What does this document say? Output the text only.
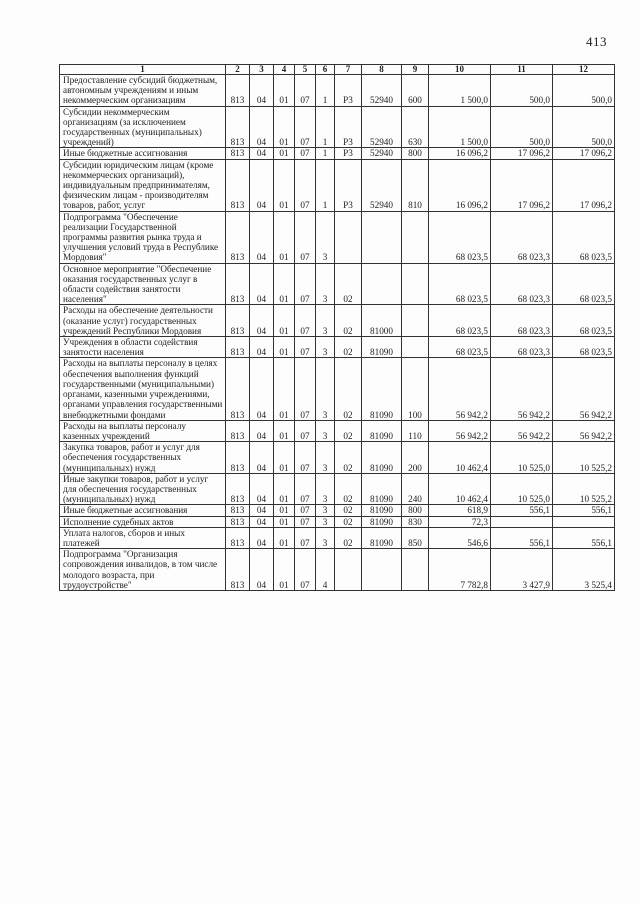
413
1	2	3	4	5	6	7	8	9	10	11	12
Предоставление субсидий бюджетным, автономным учреждениям и иным некоммерческим организациям	813	04	01	07	1	P3	52940	600	1 500,0	500,0	500,0
Субсидии некоммерческим организациям (за исключением государственных (муниципальных) учреждений)	813	04	01	07	1	P3	52940	630	1 500,0	500,0	500,0
Иные бюджетные ассигнования	813	04	01	07	1	P3	52940	800	16 096,2	17 096,2	17 096,2
Субсидии юридическим лицам (кроме некоммерческих организаций), индивидуальным предпринимателям, физическим лицам - производителям товаров, работ, услуг	813	04	01	07	1	P3	52940	810	16 096,2	17 096,2	17 096,2
Подпрограмма "Обеспечение реализации Государственной программы развития рынка труда и улучшения условий труда в Республике Мордовия"	813	04	01	07	3				68 023,5	68 023,3	68 023,5
Основное мероприятие "Обеспечение оказания государственных услуг в области содействия занятости населения"	813	04	01	07	3	02			68 023,5	68 023,3	68 023,5
Расходы на обеспечение деятельности (оказание услуг) государственных учреждений Республики Мордовия	813	04	01	07	3	02	81000		68 023,5	68 023,3	68 023,5
Учреждения в области содействия занятости населения	813	04	01	07	3	02	81090		68 023,5	68 023,3	68 023,5
Расходы на выплаты персоналу в целях обеспечения выполнения функций государственными (муниципальными) органами, казенными учреждениями, органами управления государственными внебюджетными фондами	813	04	01	07	3	02	81090	100	56 942,2	56 942,2	56 942,2
Расходы на выплаты персоналу казенных учреждений	813	04	01	07	3	02	81090	110	56 942,2	56 942,2	56 942,2
Закупка товаров, работ и услуг для обеспечения государственных (муниципальных) нужд	813	04	01	07	3	02	81090	200	10 462,4	10 525,0	10 525,2
Иные закупки товаров, работ и услуг для обеспечения государственных (муниципальных) нужд	813	04	01	07	3	02	81090	240	10 462,4	10 525,0	10 525,2
Иные бюджетные ассигнования	813	04	01	07	3	02	81090	800	618,9	556,1	556,1
Исполнение судебных актов	813	04	01	07	3	02	81090	830	72,3		
Уплата налогов, сборов и иных платежей	813	04	01	07	3	02	81090	850	546,6	556,1	556,1
Подпрограмма "Организация сопровождения инвалидов, в том числе молодого возраста, при трудоустройстве"	813	04	01	07	4				7 782,8	3 427,9	3 525,4
